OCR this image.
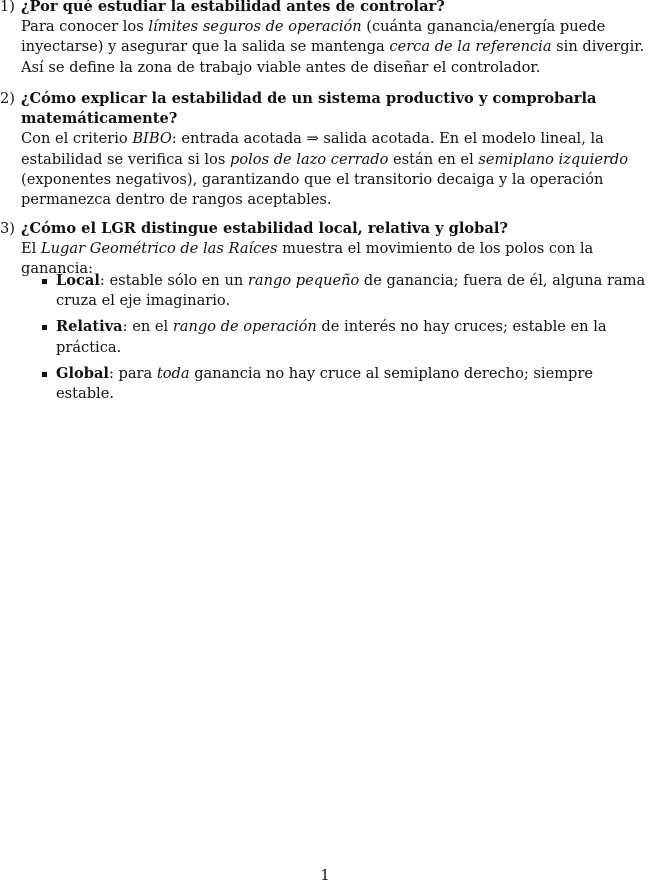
1) ¿Por qué estudiar la estabilidad antes de controlar?

Para conocer los límites seguros de operación (cuánta ganancia/energía puede inyectarse) y asegurar que la salida se mantenga cerca de la referencia sin divergir. Así se define la zona de trabajo viable antes de diseñar el controlador.

2) ¿Cómo explicar la estabilidad de un sistema productivo y comprobarla matemáticamente?

Con el criterio BIBO: entrada acotada ⇒ salida acotada. En el modelo lineal, la estabilidad se verifica si los polos de lazo cerrado están en el semiplano izquierdo (exponentes negativos), garantizando que el transitorio decaiga y la operación permanezca dentro de rangos aceptables.

3) ¿Cómo el LGR distingue estabilidad local, relativa y global?

El Lugar Geométrico de las Raíces muestra el movimiento de los polos con la ganancia:

Local: estable sólo en un rango pequeño de ganancia; fuera de él, alguna rama cruza el eje imaginario.
Relativa: en el rango de operación de interés no hay cruces; estable en la práctica.
Global: para toda ganancia no hay cruce al semiplano derecho; siempre estable.
1
